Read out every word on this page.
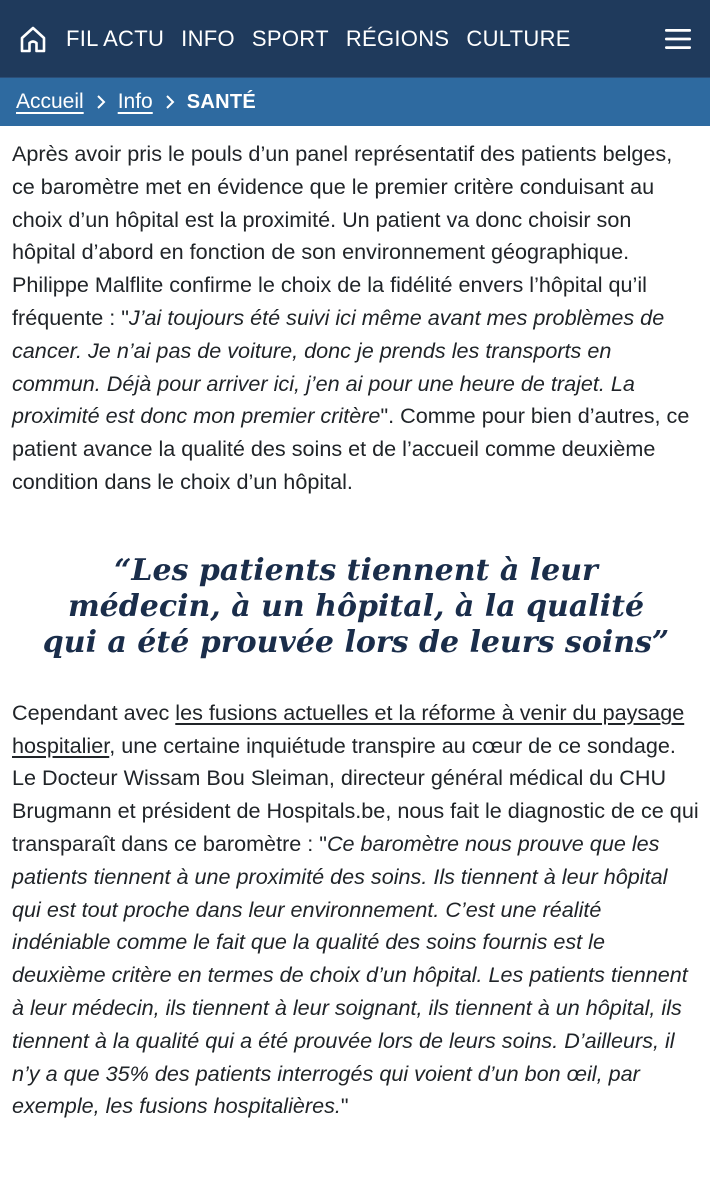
FIL ACTU INFO SPORT RÉGIONS CULTURE
Accueil Info SANTÉ

Après avoir pris le pouls d’un panel représentatif des patients belges, ce baromètre met en évidence que le premier critère conduisant au choix d’un hôpital est la proximité. Un patient va donc choisir son hôpital d’abord en fonction de son environnement géographique. Philippe Malflite confirme le choix de la fidélité envers l’hôpital qu’il fréquente : "J’ai toujours été suivi ici même avant mes problèmes de cancer. Je n’ai pas de voiture, donc je prends les transports en commun. Déjà pour arriver ici, j’en ai pour une heure de trajet. La proximité est donc mon premier critère". Comme pour bien d’autres, ce patient avance la qualité des soins et de l’accueil comme deuxième condition dans le choix d’un hôpital.

“Les patients tiennent à leur médecin, à un hôpital, à la qualité qui a été prouvée lors de leurs soins”

Cependant avec les fusions actuelles et la réforme à venir du paysage hospitalier, une certaine inquiétude transpire au cœur de ce sondage. Le Docteur Wissam Bou Sleiman, directeur général médical du CHU Brugmann et président de Hospitals.be, nous fait le diagnostic de ce qui transparaît dans ce baromètre : "Ce baromètre nous prouve que les patients tiennent à une proximité des soins. Ils tiennent à leur hôpital qui est tout proche dans leur environnement. C’est une réalité indéniable comme le fait que la qualité des soins fournis est le deuxième critère en termes de choix d’un hôpital. Les patients tiennent à leur médecin, ils tiennent à leur soignant, ils tiennent à un hôpital, ils tiennent à la qualité qui a été prouvée lors de leurs soins. D’ailleurs, il n’y a que 35% des patients interrogés qui voient d’un bon œil, par exemple, les fusions hospitalières."
